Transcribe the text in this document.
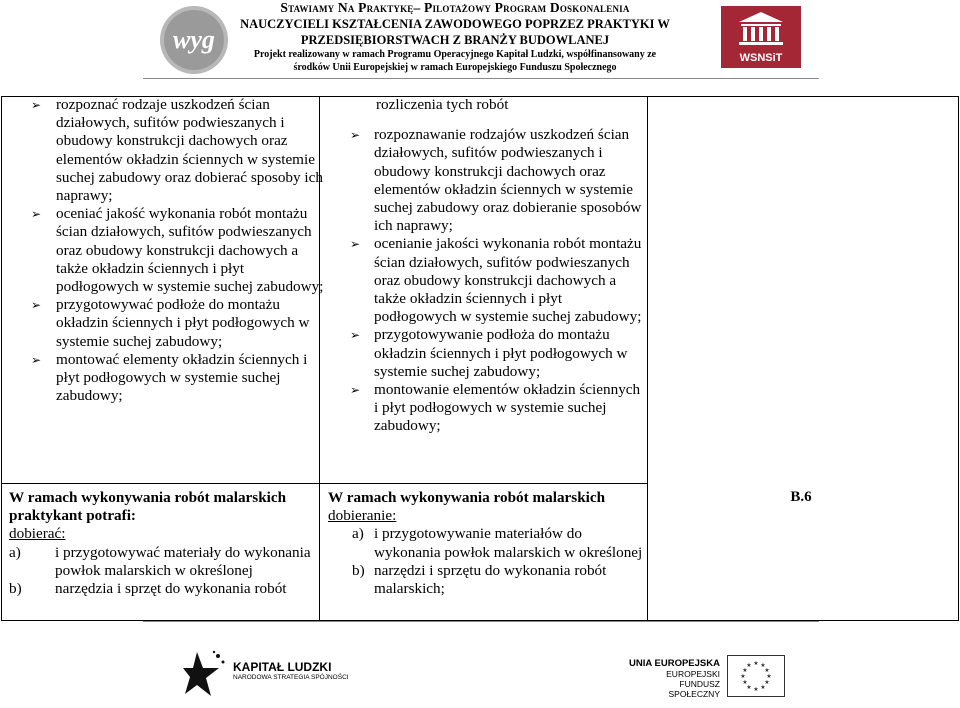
wyg
Stawiamy Na Praktykę– Pilotażowy Program Doskonalenia
NAUCZYCIELI KSZTAŁCENIA ZAWODOWEGO POPRZEZ PRAKTYKI W
PRZEDSIĘBIORSTWACH Z BRANŻY BUDOWLANEJ
Projekt realizowany w ramach Programu Operacyjnego Kapitał Ludzki, współfinansowany ze
środków Unii Europejskiej w ramach Europejskiego Funduszu Społecznego
WSNSiT
➢ rozpoznać rodzaje uszkodzeń ścian działowych, sufitów podwieszanych i obudowy konstrukcji dachowych oraz elementów okładzin ściennych w systemie suchej zabudowy oraz dobierać sposoby ich naprawy;
➢ oceniać jakość wykonania robót montażu ścian działowych, sufitów podwieszanych oraz obudowy konstrukcji dachowych a także okładzin ściennych i płyt podłogowych w systemie suchej zabudowy;
➢ przygotowywać podłoże do montażu okładzin ściennych i płyt podłogowych w systemie suchej zabudowy;
➢ montować elementy okładzin ściennych i płyt podłogowych w systemie suchej zabudowy;
W ramach wykonywania robót malarskich praktykant potrafi:
dobierać:
a) i przygotowywać materiały do wykonania powłok malarskich w określonej
b) narzędzia i sprzęt do wykonania robót
rozliczenia tych robót
➢ rozpoznawanie rodzajów uszkodzeń ścian działowych, sufitów podwieszanych i obudowy konstrukcji dachowych oraz elementów okładzin ściennych w systemie suchej zabudowy oraz dobieranie sposobów ich naprawy;
➢ ocenianie jakości wykonania robót montażu ścian działowych, sufitów podwieszanych oraz obudowy konstrukcji dachowych a także okładzin ściennych i płyt podłogowych w systemie suchej zabudowy;
➢ przygotowywanie podłoża do montażu okładzin ściennych i płyt podłogowych w systemie suchej zabudowy;
➢ montowanie elementów okładzin ściennych i płyt podłogowych w systemie suchej zabudowy;
W ramach wykonywania robót malarskich
dobieranie:
a) i przygotowywanie materiałów do wykonania powłok malarskich w określonej
b) narzędzi i sprzętu do wykonania robót malarskich;
B.6
KAPITAŁ LUDZKI
NARODOWA STRATEGIA SPÓJNOŚCI
UNIA EUROPEJSKA
EUROPEJSKI
FUNDUSZ SPOŁECZNY
★ ★
★
★
★
★
★
★
★
★
★
★
